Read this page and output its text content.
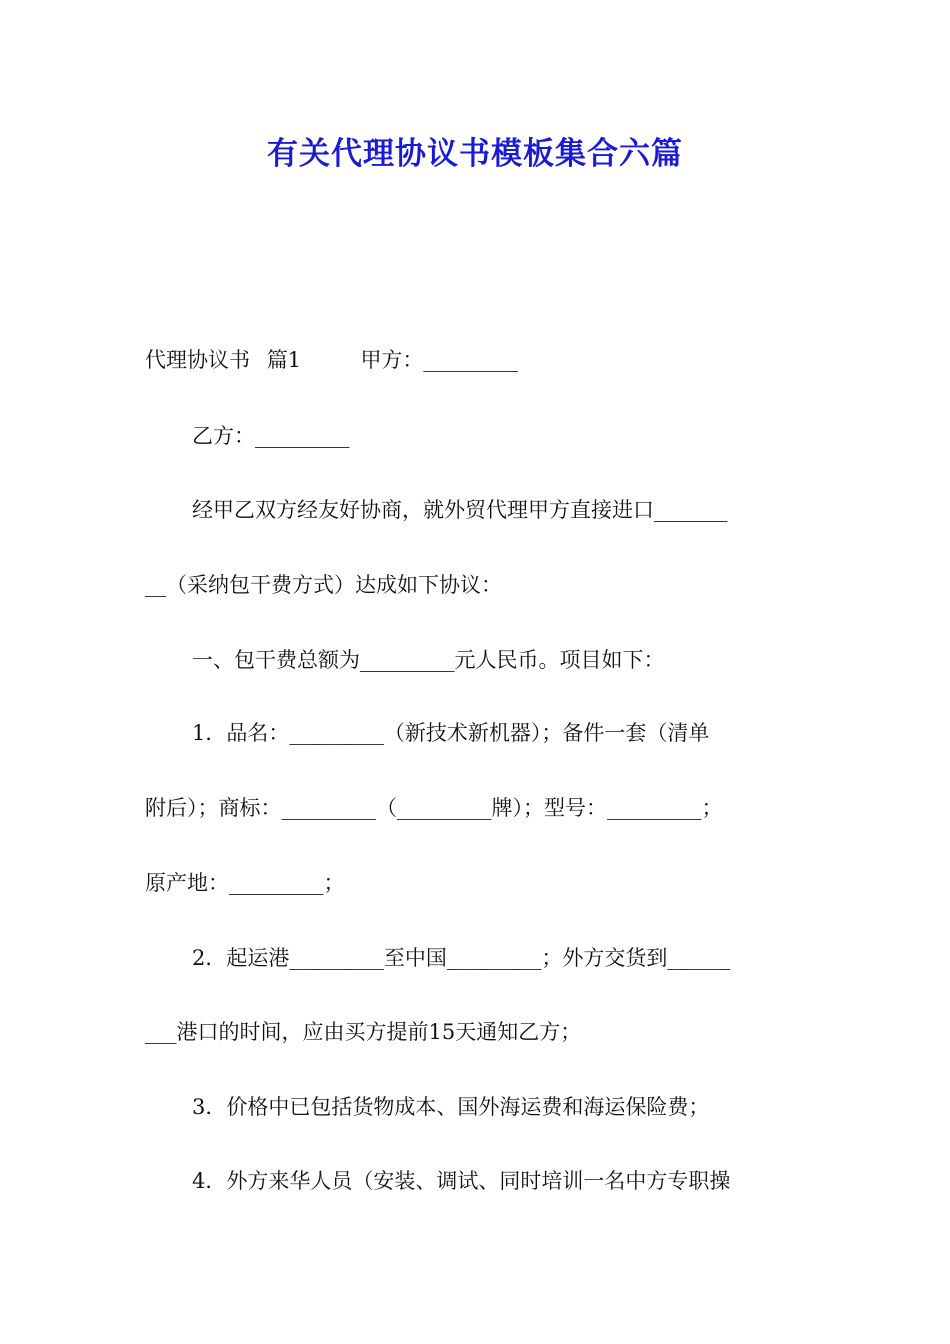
有关代理协议书模板集合六篇
代理协议书 篇1	甲方：_________
乙方：_________
经甲乙双方经友好协商，就外贸代理甲方直接进口_______
__（采纳包干费方式）达成如下协议：
一、包干费总额为_________元人民币。项目如下：
1．品名：_________（新技术新机器）；备件一套（清单
附后）；商标：_________（_________牌）；型号：_________；
原产地：_________；
2．起运港_________至中国_________；外方交货到______
___港口的时间，应由买方提前15天通知乙方；
3．价格中已包括货物成本、国外海运费和海运保险费；
4．外方来华人员（安装、调试、同时培训一名中方专职操
